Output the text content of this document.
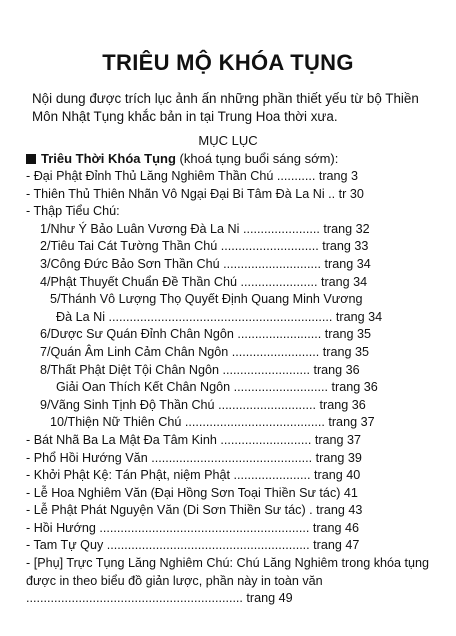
TRIÊU MỘ KHÓA TỤNG
Nội dung được trích lục ảnh ấn những phần thiết yếu từ bộ Thiền Môn Nhật Tụng khắc bản in tại Trung Hoa thời xưa.
MỤC LỤC
Triêu Thời Khóa Tụng (khoá tụng buổi sáng sớm):
- Đại Phật Đỉnh Thủ Lăng Nghiêm Thần Chú ........... trang 3
- Thiên Thủ Thiên Nhãn Vô Ngại Đại Bi Tâm Đà La Ni .. tr 30
- Thập Tiểu Chú:
1/Như Ý Bảo Luân Vương Đà La Ni ...................... trang 32
2/Tiêu Tai Cát Tường Thần Chú ............................ trang 33
3/Công Đức Bảo Sơn Thần Chú ............................ trang 34
4/Phật Thuyết Chuẩn Đề Thần Chú ...................... trang 34
5/Thánh Vô Lượng Thọ Quyết Định Quang Minh Vương
Đà La Ni ................................................................ trang 34
6/Dược Sư Quán Đỉnh Chân Ngôn ........................ trang 35
7/Quán Âm Linh Cảm Chân Ngôn ......................... trang 35
8/Thất Phật Diệt Tội Chân Ngôn ......................... trang 36
Giải Oan Thích Kết Chân Ngôn ........................... trang 36
9/Vãng Sinh Tịnh Độ Thần Chú ............................ trang 36
10/Thiện Nữ Thiên Chú ........................................ trang 37
- Bát Nhã Ba La Mật Đa Tâm Kinh .......................... trang 37
- Phổ Hồi Hướng Văn .............................................. trang 39
- Khởi Phật Kệ: Tán Phật, niệm Phật ...................... trang 40
- Lễ Hoa Nghiêm Văn (Đại Hồng Sơn Toại Thiền Sư tác) 41
- Lễ Phật Phát Nguyện Văn (Di Sơn Thiền Sư tác) . trang 43
- Hồi Hướng ............................................................ trang 46
- Tam Tự Quy .......................................................... trang 47
- [Phụ] Trực Tụng Lăng Nghiêm Chú: Chú Lăng Nghiêm trong khóa tụng được in theo biểu đồ giản lược, phần này in toàn văn .............................................................. trang 49
